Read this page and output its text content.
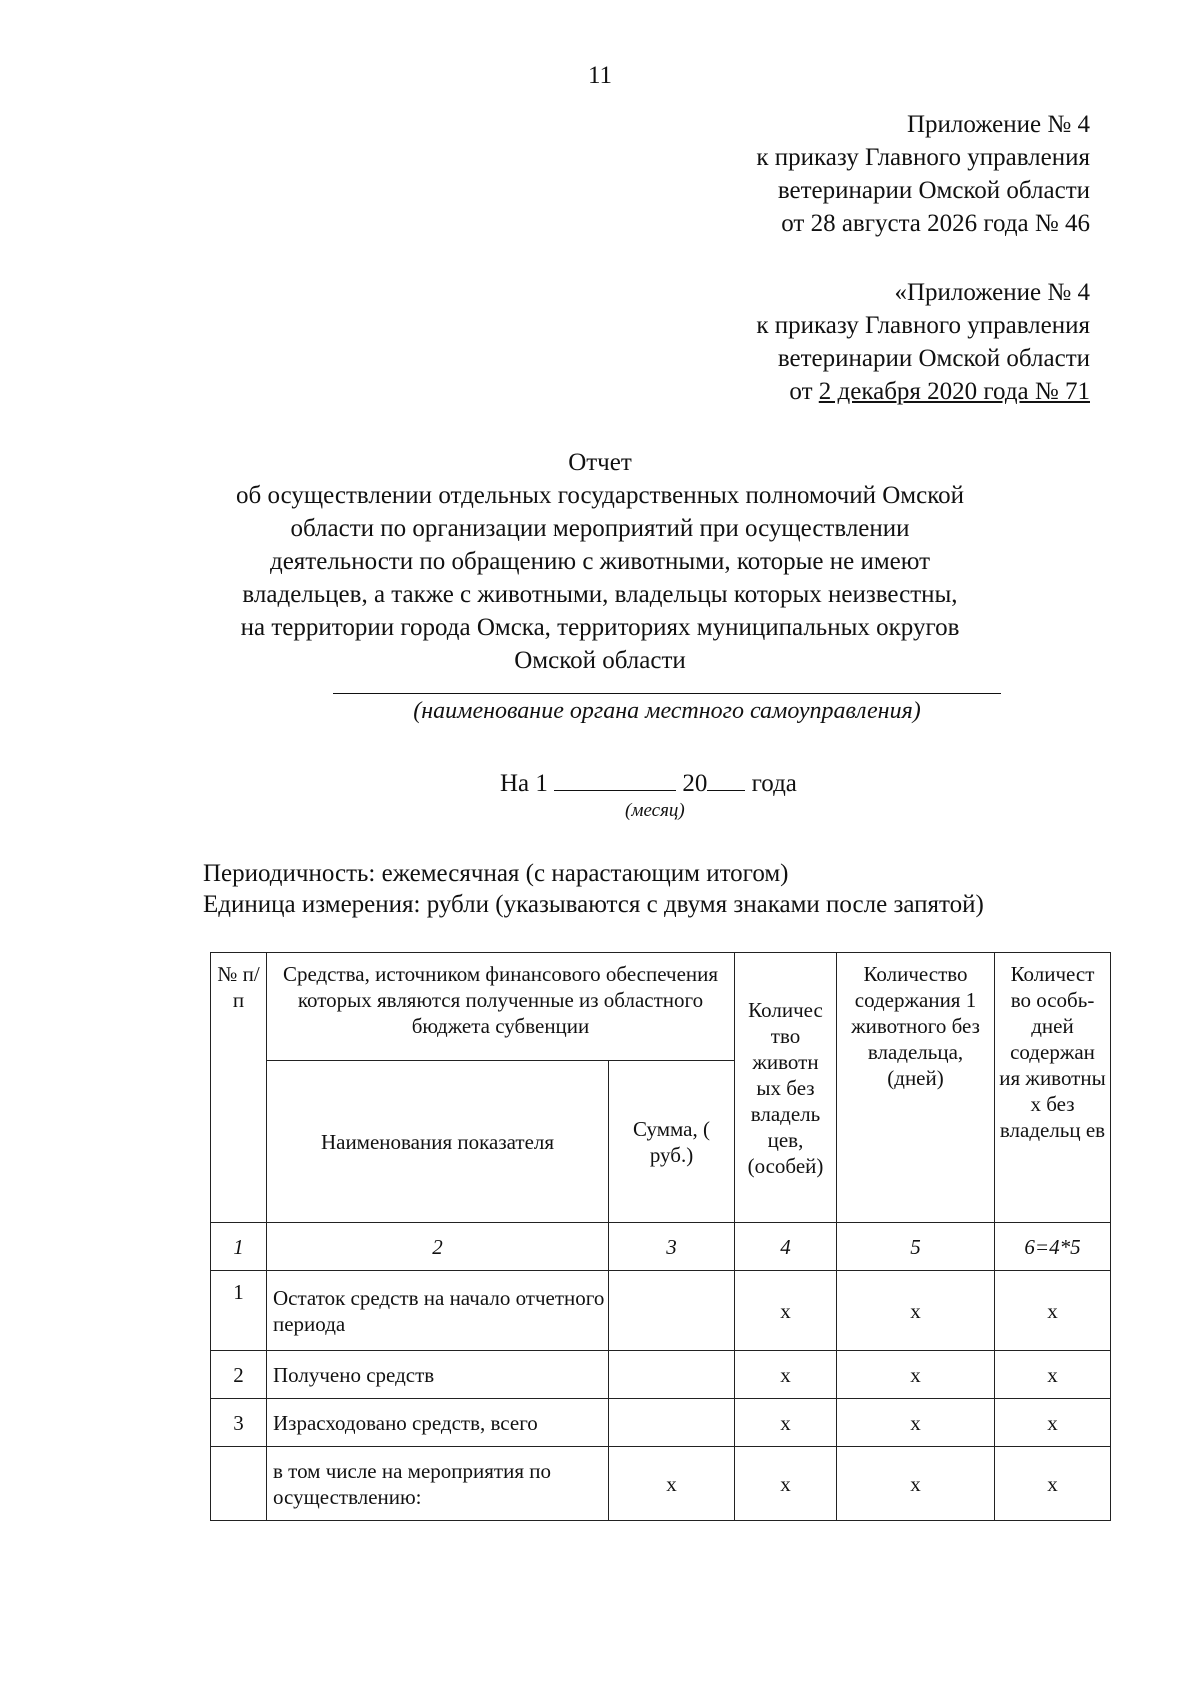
11
Приложение № 4
к приказу Главного управления
ветеринарии Омской области
от 28 августа 2026 года № 46
«Приложение № 4
к приказу Главного управления
ветеринарии Омской области
от 2 декабря 2020 года № 71
Отчет
об осуществлении отдельных государственных полномочий Омской
области по организации мероприятий при осуществлении
деятельности по обращению с животными, которые не имеют
владельцев, а также с животными, владельцы которых неизвестны,
на территории города Омска, территориях муниципальных округов
Омской области
(наименование органа местного самоуправления)
На 1	20 года
(месяц)
Периодичность: ежемесячная (с нарастающим итогом)
Единица измерения: рубли (указываются с двумя знаками после запятой)
№ п/п	Средства, источником финансового обеспечения которых являются полученные из областного бюджета субвенции		Количес тво животн ых без владель цев, (особей)	Количество содержания 1 животного без владельца, (дней)	Количест во особь-дней содержан ия животны х без владельц ев
	Наименования показателя	Сумма, ( руб.)			
1	2	3	4	5	6=4*5
1	Остаток средств на начало отчетного периода		x	x	x
2	Получено средств		x	x	x
3	Израсходовано средств, всего		x	x	x
	в том числе на мероприятия по осуществлению:	x	x	x	x
